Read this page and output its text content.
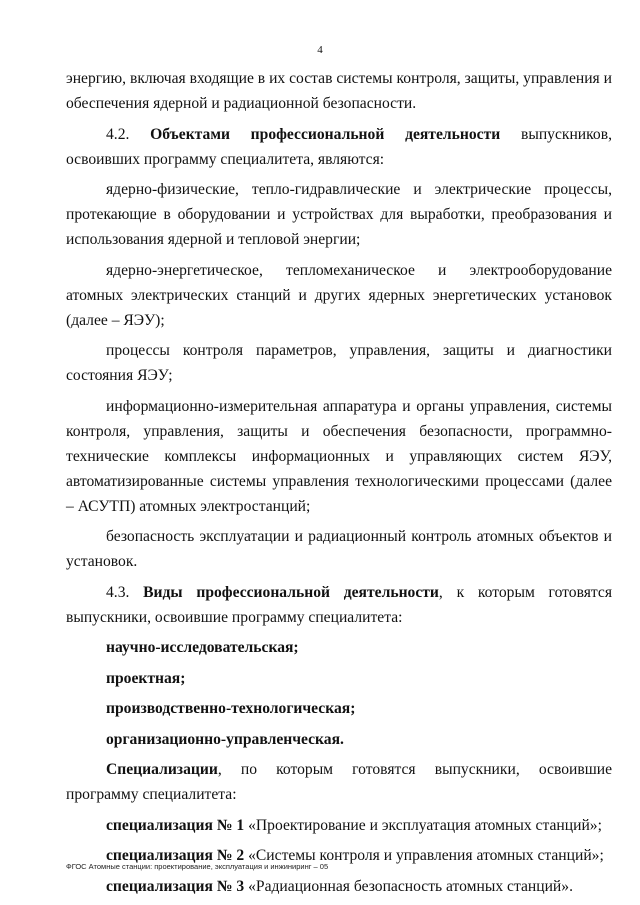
4

энергию, включая входящие в их состав системы контроля, защиты, управления и обеспечения ядерной и радиационной безопасности.

4.2. Объектами профессиональной деятельности выпускников, освоивших программу специалитета, являются:

ядерно-физические, тепло-гидравлические и электрические процессы, протекающие в оборудовании и устройствах для выработки, преобразования и использования ядерной и тепловой энергии;

ядерно-энергетическое, тепломеханическое и электрооборудование атомных электрических станций и других ядерных энергетических установок (далее – ЯЭУ);

процессы контроля параметров, управления, защиты и диагностики состояния ЯЭУ;

информационно-измерительная аппаратура и органы управления, системы контроля, управления, защиты и обеспечения безопасности, программно-технические комплексы информационных и управляющих систем ЯЭУ, автоматизированные системы управления технологическими процессами (далее – АСУТП) атомных электростанций;

безопасность эксплуатации и радиационный контроль атомных объектов и установок.

4.3. Виды профессиональной деятельности, к которым готовятся выпускники, освоившие программу специалитета:

научно-исследовательская;

проектная;

производственно-технологическая;

организационно-управленческая.

Специализации, по которым готовятся выпускники, освоившие программу специалитета:

специализация № 1 «Проектирование и эксплуатация атомных станций»;

специализация № 2 «Системы контроля и управления атомных станций»;

специализация № 3 «Радиационная безопасность атомных станций».

ФГОС Атомные станции: проектирование, эксплуатация и инжиниринг – 05
